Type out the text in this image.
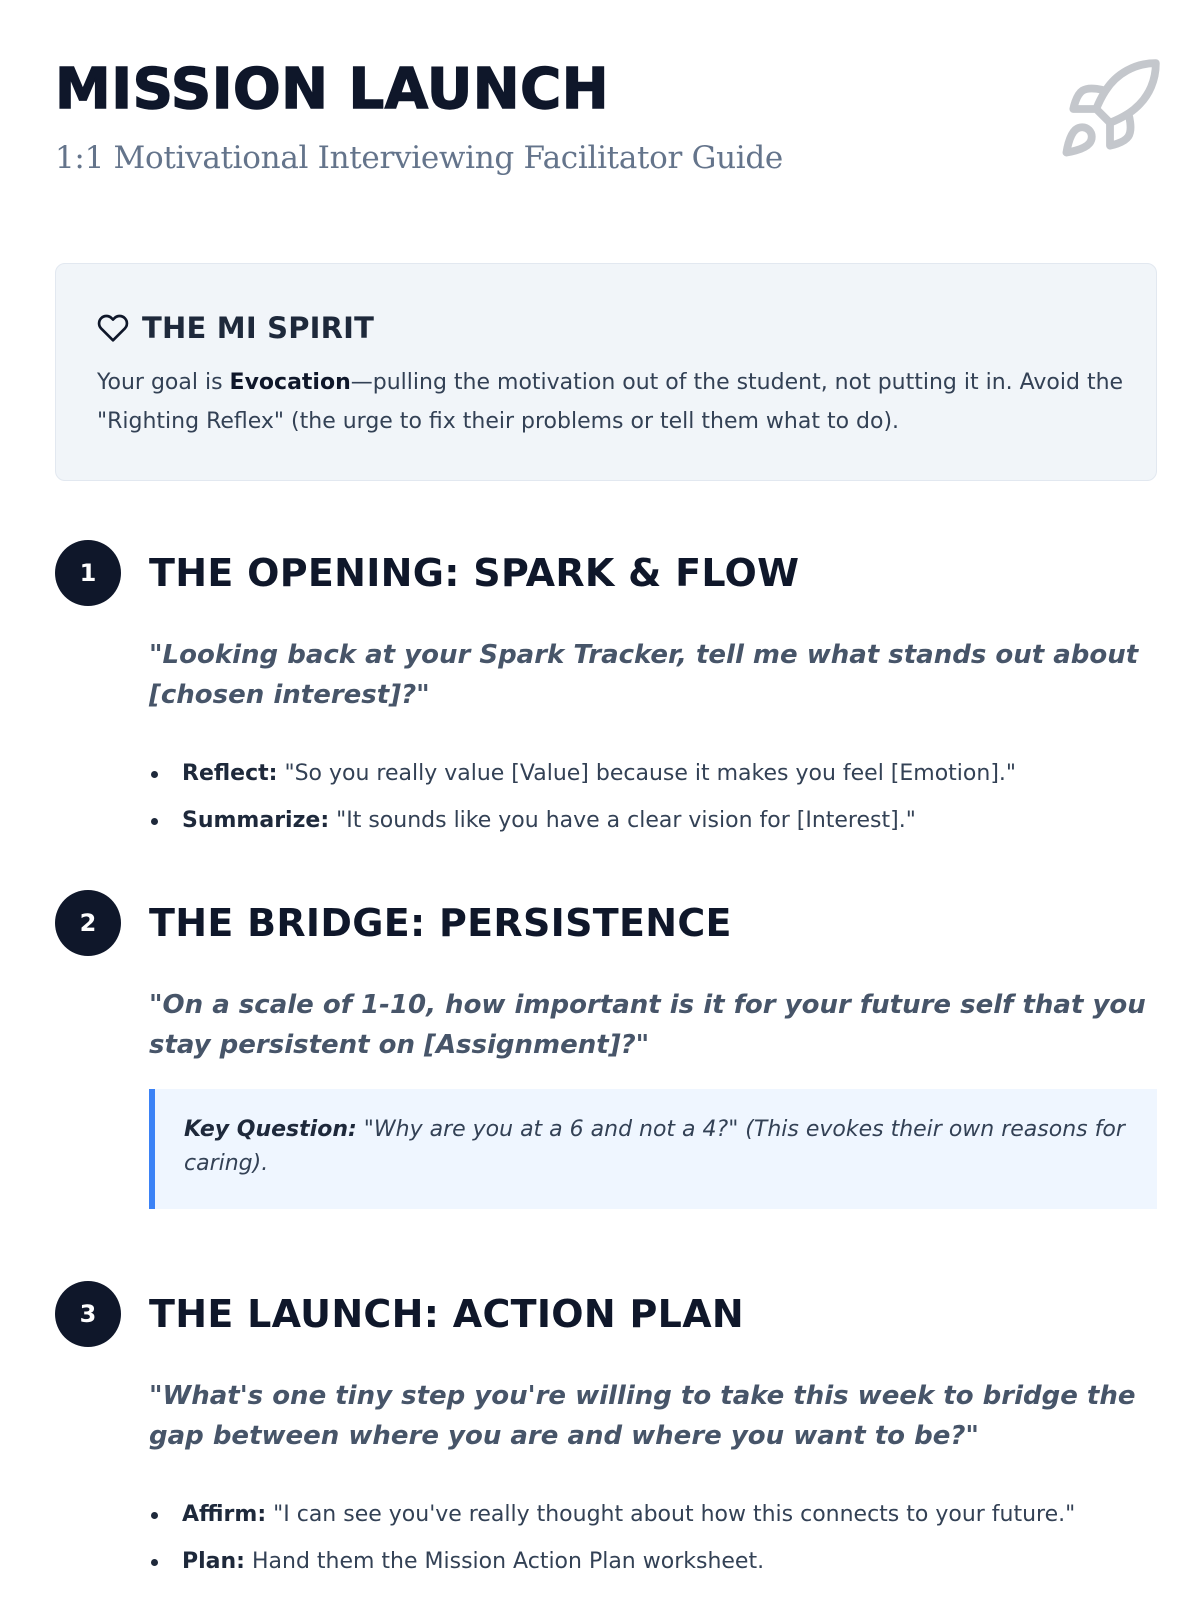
MISSION LAUNCH

1:1 Motivational Interviewing Facilitator Guide

THE MI SPIRIT

Your goal is Evocation—pulling the motivation out of the student, not putting it in. Avoid the "Righting Reflex" (the urge to fix their problems or tell them what to do).

1	THE OPENING: SPARK & FLOW

"Looking back at your Spark Tracker, tell me what stands out about [chosen interest]?"

Reflect: "So you really value [Value] because it makes you feel [Emotion]."
Summarize: "It sounds like you have a clear vision for [Interest]."
2	THE BRIDGE: PERSISTENCE

"On a scale of 1-10, how important is it for your future self that you stay persistent on [Assignment]?"

Key Question: "Why are you at a 6 and not a 4?" (This evokes their own reasons for caring).
3	THE LAUNCH: ACTION PLAN

"What's one tiny step you're willing to take this week to bridge the gap between where you are and where you want to be?"

Affirm: "I can see you've really thought about how this connects to your future."
Plan: Hand them the Mission Action Plan worksheet.
